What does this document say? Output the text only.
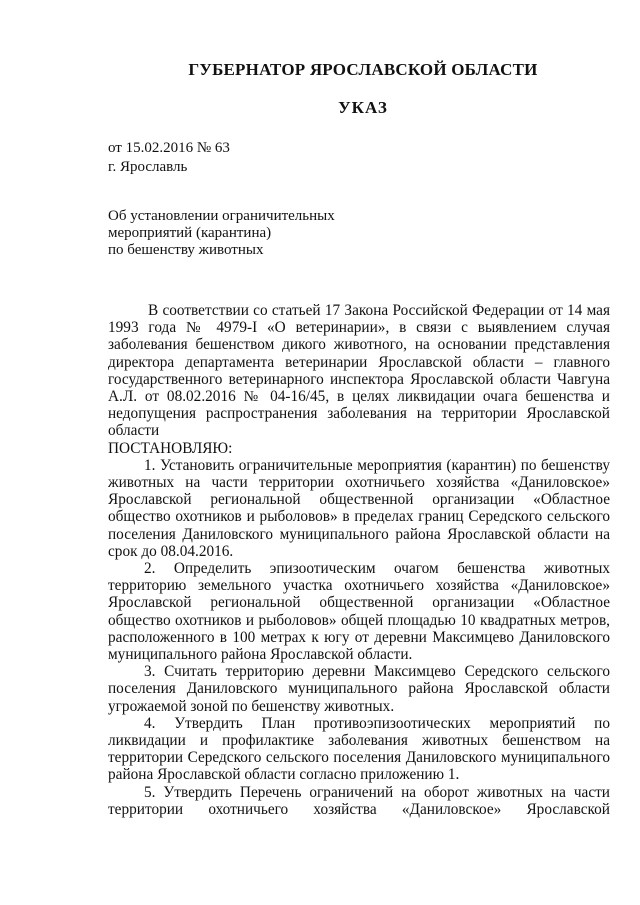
ГУБЕРНАТОР ЯРОСЛАВСКОЙ ОБЛАСТИ
УКАЗ
от 15.02.2016 № 63
г. Ярославль
Об установлении ограничительных
мероприятий (карантина)
по бешенству животных

В соответствии со статьей 17 Закона Российской Федерации от 14 мая 1993 года № 4979-I «О ветеринарии», в связи с выявлением случая заболевания бешенством дикого животного, на основании представления директора департамента ветеринарии Ярославской области – главного государственного ветеринарного инспектора Ярославской области Чавгуна А.Л. от 08.02.2016 № 04-16/45, в целях ликвидации очага бешенства и недопущения распространения заболевания на территории Ярославской области

ПОСТАНОВЛЯЮ:

1. Установить ограничительные мероприятия (карантин) по бешенству животных на части территории охотничьего хозяйства «Даниловское» Ярославской региональной общественной организации «Областное общество охотников и рыболовов» в пределах границ Середского сельского поселения Даниловского муниципального района Ярославской области на срок до 08.04.2016.

2. Определить эпизоотическим очагом бешенства животных территорию земельного участка охотничьего хозяйства «Даниловское» Ярославской региональной общественной организации «Областное общество охотников и рыболовов» общей площадью 10 квадратных метров, расположенного в 100 метрах к югу от деревни Максимцево Даниловского муниципального района Ярославской области.

3. Считать территорию деревни Максимцево Середского сельского поселения Даниловского муниципального района Ярославской области угрожаемой зоной по бешенству животных.

4. Утвердить План противоэпизоотических мероприятий по ликвидации и профилактике заболевания животных бешенством на территории Середского сельского поселения Даниловского муниципального района Ярославской области согласно приложению 1.

5. Утвердить Перечень ограничений на оборот животных на части территории охотничьего хозяйства «Даниловское» Ярославской
